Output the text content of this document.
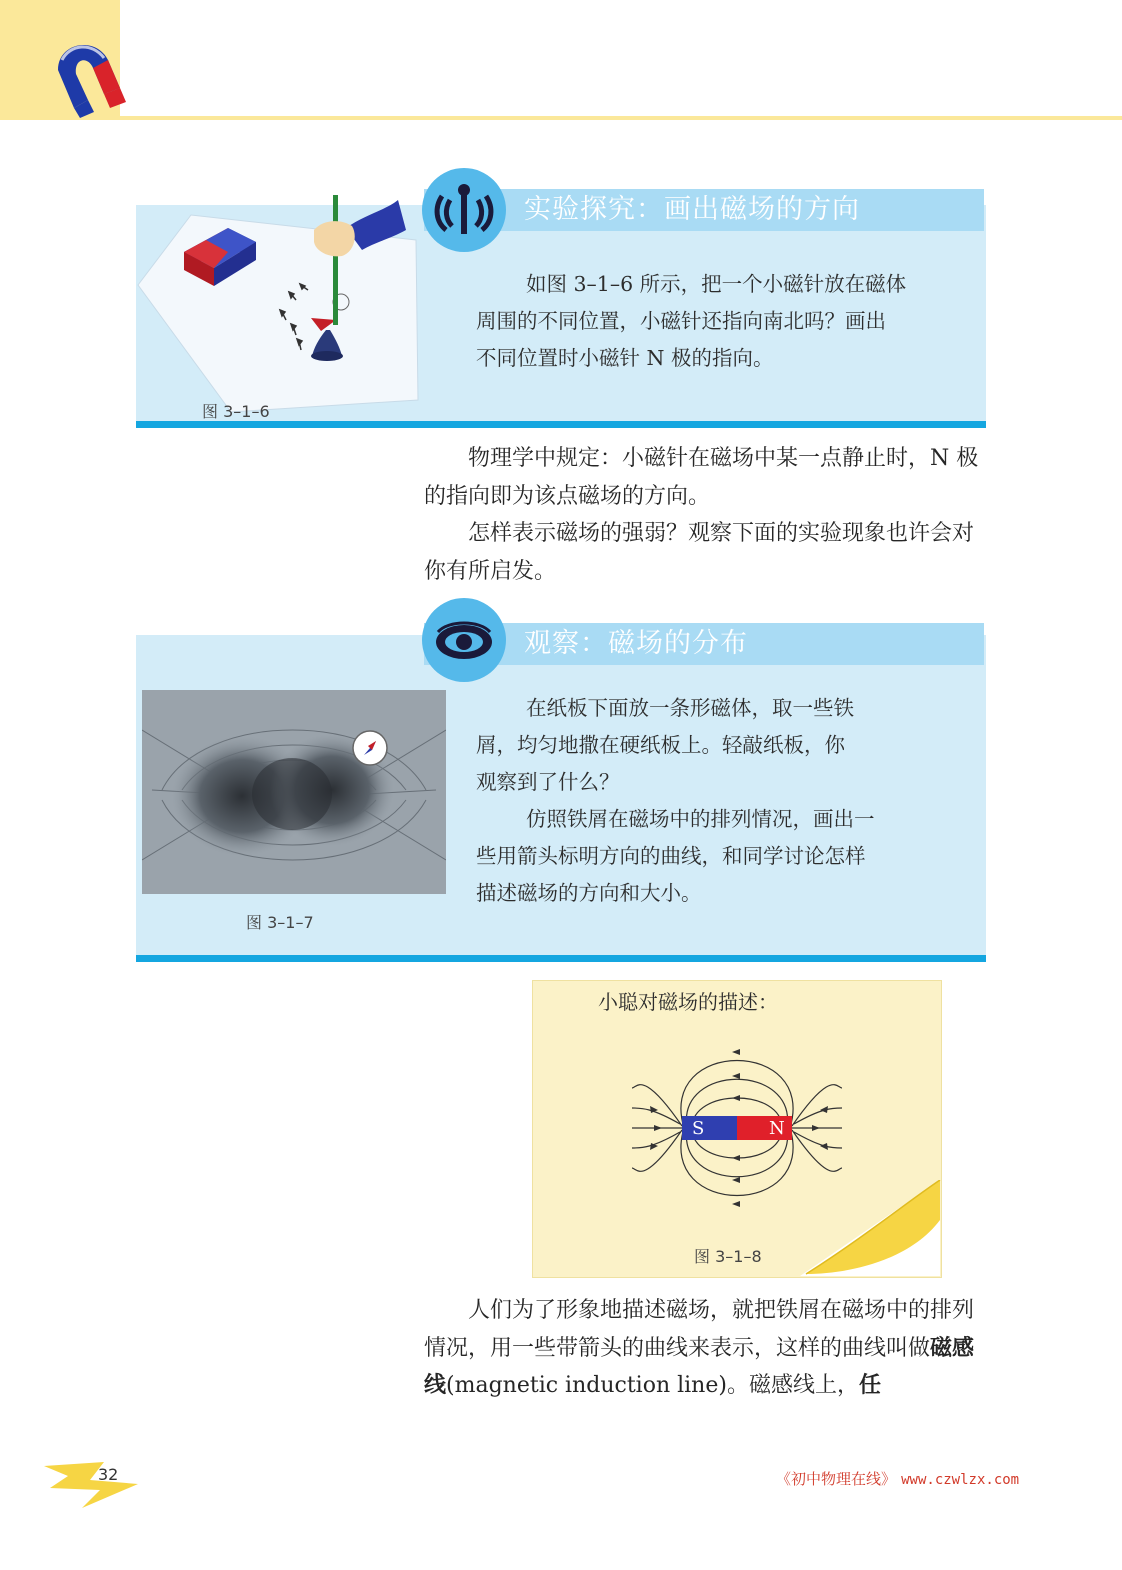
实验探究：画出磁场的方向
如图 3–1–6 所示，把一个小磁针放在磁体
周围的不同位置，小磁针还指向南北吗？画出
不同位置时小磁针 N 极的指向。
图 3–1–6

物理学中规定：小磁针在磁场中某一点静止时，N 极的指向即为该点磁场的方向。

怎样表示磁场的强弱？观察下面的实验现象也许会对你有所启发。

观察：磁场的分布
在纸板下面放一条形磁体，取一些铁
屑，均匀地撒在硬纸板上。轻敲纸板，你
观察到了什么？
仿照铁屑在磁场中的排列情况，画出一
些用箭头标明方向的曲线，和同学讨论怎样
描述磁场的方向和大小。
图 3–1–7
小聪对磁场的描述：
S	N
图 3–1–8

人们为了形象地描述磁场，就把铁屑在磁场中的排列情况，用一些带箭头的曲线来表示，这样的曲线叫做磁感线(magnetic induction line)。磁感线上，任

32	《初中物理在线》 www.czwlzx.com
